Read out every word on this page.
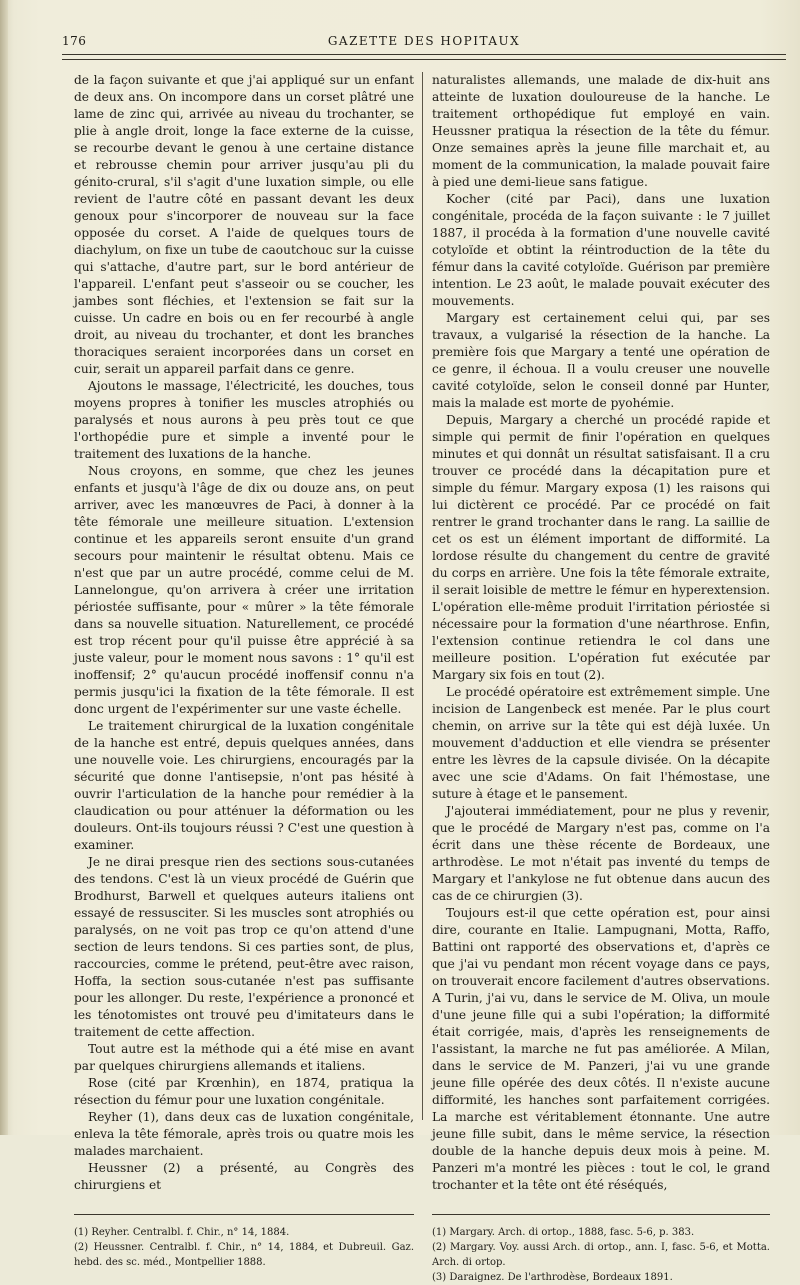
176	GAZETTE DES HOPITAUX

de la façon suivante et que j'ai appliqué sur un enfant de deux ans. On incompore dans un corset plâtré une lame de zinc qui, arrivée au niveau du trochanter, se plie à angle droit, longe la face externe de la cuisse, se recourbe devant le genou à une certaine distance et rebrousse chemin pour arriver jusqu'au pli du génito-crural, s'il s'agit d'une luxation simple, ou elle revient de l'autre côté en passant devant les deux genoux pour s'incorporer de nouveau sur la face opposée du corset. A l'aide de quelques tours de diachylum, on fixe un tube de caoutchouc sur la cuisse qui s'attache, d'autre part, sur le bord antérieur de l'appareil. L'enfant peut s'asseoir ou se coucher, les jambes sont fléchies, et l'extension se fait sur la cuisse. Un cadre en bois ou en fer recourbé à angle droit, au niveau du trochanter, et dont les branches thoraciques seraient incorporées dans un corset en cuir, serait un appareil parfait dans ce genre.

Ajoutons le massage, l'électricité, les douches, tous moyens propres à tonifier les muscles atrophiés ou paralysés et nous aurons à peu près tout ce que l'orthopédie pure et simple a inventé pour le traitement des luxations de la hanche.

Nous croyons, en somme, que chez les jeunes enfants et jusqu'à l'âge de dix ou douze ans, on peut arriver, avec les manœuvres de Paci, à donner à la tête fémorale une meilleure situation. L'extension continue et les appareils seront ensuite d'un grand secours pour maintenir le résultat obtenu. Mais ce n'est que par un autre procédé, comme celui de M. Lannelongue, qu'on arrivera à créer une irritation périostée suffisante, pour « mûrer » la tête fémorale dans sa nouvelle situation. Naturellement, ce procédé est trop récent pour qu'il puisse être apprécié à sa juste valeur, pour le moment nous savons : 1° qu'il est inoffensif; 2° qu'aucun procédé inoffensif connu n'a permis jusqu'ici la fixation de la tête fémorale. Il est donc urgent de l'expérimenter sur une vaste échelle.

Le traitement chirurgical de la luxation congénitale de la hanche est entré, depuis quelques années, dans une nouvelle voie. Les chirurgiens, encouragés par la sécurité que donne l'antisepsie, n'ont pas hésité à ouvrir l'articulation de la hanche pour remédier à la claudication ou pour atténuer la déformation ou les douleurs. Ont-ils toujours réussi ? C'est une question à examiner.

Je ne dirai presque rien des sections sous-cutanées des tendons. C'est là un vieux procédé de Guérin que Brodhurst, Barwell et quelques auteurs italiens ont essayé de ressusciter. Si les muscles sont atrophiés ou paralysés, on ne voit pas trop ce qu'on attend d'une section de leurs tendons. Si ces parties sont, de plus, raccourcies, comme le prétend, peut-être avec raison, Hoffa, la section sous-cutanée n'est pas suffisante pour les allonger. Du reste, l'expérience a prononcé et les ténotomistes ont trouvé peu d'imitateurs dans le traitement de cette affection.

Tout autre est la méthode qui a été mise en avant par quelques chirurgiens allemands et italiens.

Rose (cité par Krœnhin), en 1874, pratiqua la résection du fémur pour une luxation congénitale.

Reyher (1), dans deux cas de luxation congénitale, enleva la tête fémorale, après trois ou quatre mois les malades marchaient.

Heussner (2) a présenté, au Congrès des chirurgiens et

(1) Reyher. Centralbl. f. Chir., n° 14, 1884.
(2) Heussner. Centralbl. f. Chir., n° 14, 1884, et Dubreuil. Gaz. hebd. des sc. méd., Montpellier 1888.

naturalistes allemands, une malade de dix-huit ans atteinte de luxation douloureuse de la hanche. Le traitement orthopédique fut employé en vain. Heussner pratiqua la résection de la tête du fémur. Onze semaines après la jeune fille marchait et, au moment de la communication, la malade pouvait faire à pied une demi-lieue sans fatigue.

Kocher (cité par Paci), dans une luxation congénitale, procéda de la façon suivante : le 7 juillet 1887, il procéda à la formation d'une nouvelle cavité cotyloïde et obtint la réintroduction de la tête du fémur dans la cavité cotyloïde. Guérison par première intention. Le 23 août, le malade pouvait exécuter des mouvements.

Margary est certainement celui qui, par ses travaux, a vulgarisé la résection de la hanche. La première fois que Margary a tenté une opération de ce genre, il échoua. Il a voulu creuser une nouvelle cavité cotyloïde, selon le conseil donné par Hunter, mais la malade est morte de pyohémie.

Depuis, Margary a cherché un procédé rapide et simple qui permit de finir l'opération en quelques minutes et qui donnât un résultat satisfaisant. Il a cru trouver ce procédé dans la décapitation pure et simple du fémur. Margary exposa (1) les raisons qui lui dictèrent ce procédé. Par ce procédé on fait rentrer le grand trochanter dans le rang. La saillie de cet os est un élément important de difformité. La lordose résulte du changement du centre de gravité du corps en arrière. Une fois la tête fémorale extraite, il serait loisible de mettre le fémur en hyperextension. L'opération elle-même produit l'irritation périostée si nécessaire pour la formation d'une néarthrose. Enfin, l'extension continue retiendra le col dans une meilleure position. L'opération fut exécutée par Margary six fois en tout (2).

Le procédé opératoire est extrêmement simple. Une incision de Langenbeck est menée. Par le plus court chemin, on arrive sur la tête qui est déjà luxée. Un mouvement d'adduction et elle viendra se présenter entre les lèvres de la capsule divisée. On la décapite avec une scie d'Adams. On fait l'hémostase, une suture à étage et le pansement.

J'ajouterai immédiatement, pour ne plus y revenir, que le procédé de Margary n'est pas, comme on l'a écrit dans une thèse récente de Bordeaux, une arthrodèse. Le mot n'était pas inventé du temps de Margary et l'ankylose ne fut obtenue dans aucun des cas de ce chirurgien (3).

Toujours est-il que cette opération est, pour ainsi dire, courante en Italie. Lampugnani, Motta, Raffo, Battini ont rapporté des observations et, d'après ce que j'ai vu pendant mon récent voyage dans ce pays, on trouverait encore facilement d'autres observations. A Turin, j'ai vu, dans le service de M. Oliva, un moule d'une jeune fille qui a subi l'opération; la difformité était corrigée, mais, d'après les renseignements de l'assistant, la marche ne fut pas améliorée. A Milan, dans le service de M. Panzeri, j'ai vu une grande jeune fille opérée des deux côtés. Il n'existe aucune difformité, les hanches sont parfaitement corrigées. La marche est véritablement étonnante. Une autre jeune fille subit, dans le même service, la résection double de la hanche depuis deux mois à peine. M. Panzeri m'a montré les pièces : tout le col, le grand trochanter et la tête ont été réséqués,

(1) Margary. Arch. di ortop., 1888, fasc. 5-6, p. 383.
(2) Margary. Voy. aussi Arch. di ortop., ann. I, fasc. 5-6, et Motta. Arch. di ortop.
(3) Daraignez. De l'arthrodèse, Bordeaux 1891.
